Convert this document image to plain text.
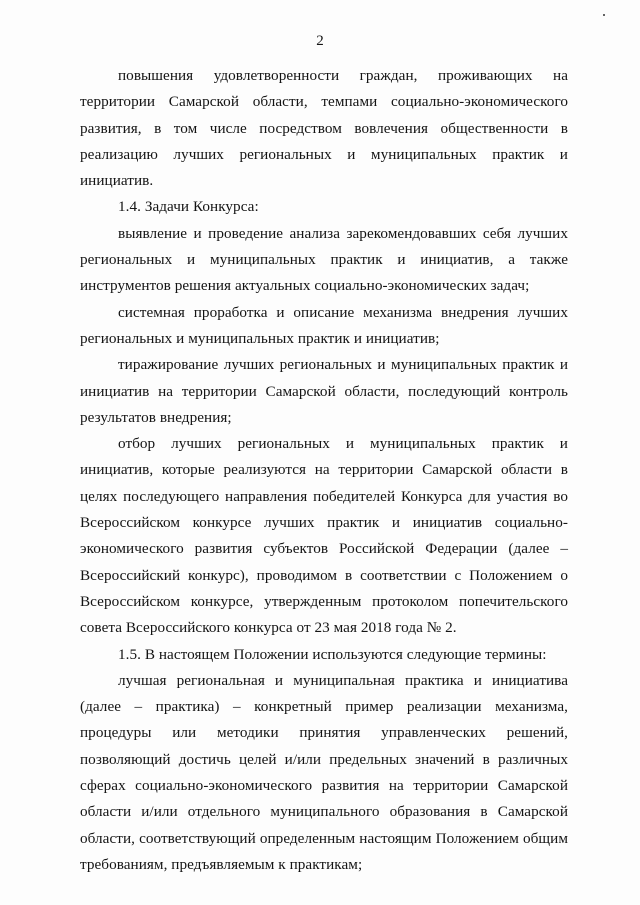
2

повышения удовлетворенности граждан, проживающих на территории Самарской области, темпами социально-экономического развития, в том числе посредством вовлечения общественности в реализацию лучших региональных и муниципальных практик и инициатив.

1.4. Задачи Конкурса:

выявление и проведение анализа зарекомендовавших себя лучших региональных и муниципальных практик и инициатив, а также инструментов решения актуальных социально-экономических задач;

системная проработка и описание механизма внедрения лучших региональных и муниципальных практик и инициатив;

тиражирование лучших региональных и муниципальных практик и инициатив на территории Самарской области, последующий контроль результатов внедрения;

отбор лучших региональных и муниципальных практик и инициатив, которые реализуются на территории Самарской области в целях последующего направления победителей Конкурса для участия во Всероссийском конкурсе лучших практик и инициатив социально-экономического развития субъектов Российской Федерации (далее – Всероссийский конкурс), проводимом в соответствии с Положением о Всероссийском конкурсе, утвержденным протоколом попечительского совета Всероссийского конкурса от 23 мая 2018 года № 2.

1.5. В настоящем Положении используются следующие термины:

лучшая региональная и муниципальная практика и инициатива (далее – практика) – конкретный пример реализации механизма, процедуры или методики принятия управленческих решений, позволяющий достичь целей и/или предельных значений в различных сферах социально-экономического развития на территории Самарской области и/или отдельного муниципального образования в Самарской области, соответствующий определенным настоящим Положением общим требованиям, предъявляемым к практикам;
